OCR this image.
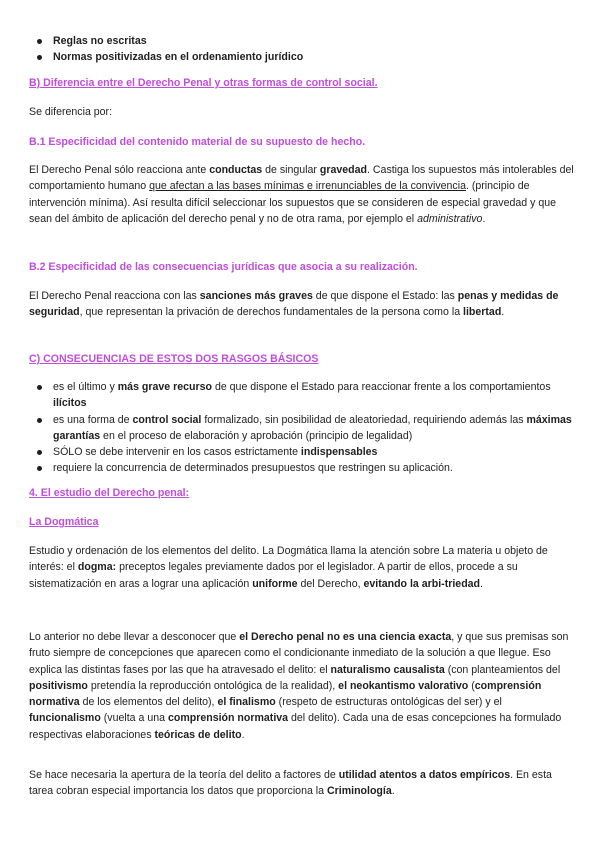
Reglas no escritas
Normas positivizadas en el ordenamiento jurídico
B) Diferencia entre el Derecho Penal y otras formas de control social.
Se diferencia por:
B.1 Especificidad del contenido material de su supuesto de hecho.

El Derecho Penal sólo reacciona ante conductas de singular gravedad. Castiga los supuestos más intolerables del comportamiento humano que afectan a las bases mínimas e irrenunciables de la convivencia. (principio de intervención mínima). Así resulta difícil seleccionar los supuestos que se consideren de especial gravedad y que sean del ámbito de aplicación del derecho penal y no de otra rama, por ejemplo el administrativo.

B.2 Especificidad de las consecuencias jurídicas que asocia a su realización.

El Derecho Penal reacciona con las sanciones más graves de que dispone el Estado: las penas y medidas de seguridad, que representan la privación de derechos fundamentales de la persona como la libertad.

C) CONSECUENCIAS DE ESTOS DOS RASGOS BÁSICOS
es el último y más grave recurso de que dispone el Estado para reaccionar frente a los comportamientos ilícitos
es una forma de control social formalizado, sin posibilidad de aleatoriedad, requiriendo además las máximas garantías en el proceso de elaboración y aprobación (principio de legalidad)
SÓLO se debe intervenir en los casos estrictamente indispensables
requiere la concurrencia de determinados presupuestos que restringen su aplicación.
4. El estudio del Derecho penal:
La Dogmática

Estudio y ordenación de los elementos del delito. La Dogmática llama la atención sobre La materia u objeto de interés: el dogma: preceptos legales previamente dados por el legislador. A partir de ellos, procede a su sistematización en aras a lograr una aplicación uniforme del Derecho, evitando la arbi-triedad.

Lo anterior no debe llevar a desconocer que el Derecho penal no es una ciencia exacta, y que sus premisas son fruto siempre de concepciones que aparecen como el condicionante inmediato de la solución a que llegue. Eso explica las distintas fases por las que ha atravesado el delito: el naturalismo causalista (con planteamientos del positivismo pretendía la reproducción ontológica de la realidad), el neokantismo valorativo (comprensión normativa de los elementos del delito), el finalismo (respeto de estructuras ontológicas del ser) y el funcionalismo (vuelta a una comprensión normativa del delito). Cada una de esas concepciones ha formulado respectivas elaboraciones teóricas de delito.

Se hace necesaria la apertura de la teoría del delito a factores de utilidad atentos a datos empíricos. En esta tarea cobran especial importancia los datos que proporciona la Criminología.
